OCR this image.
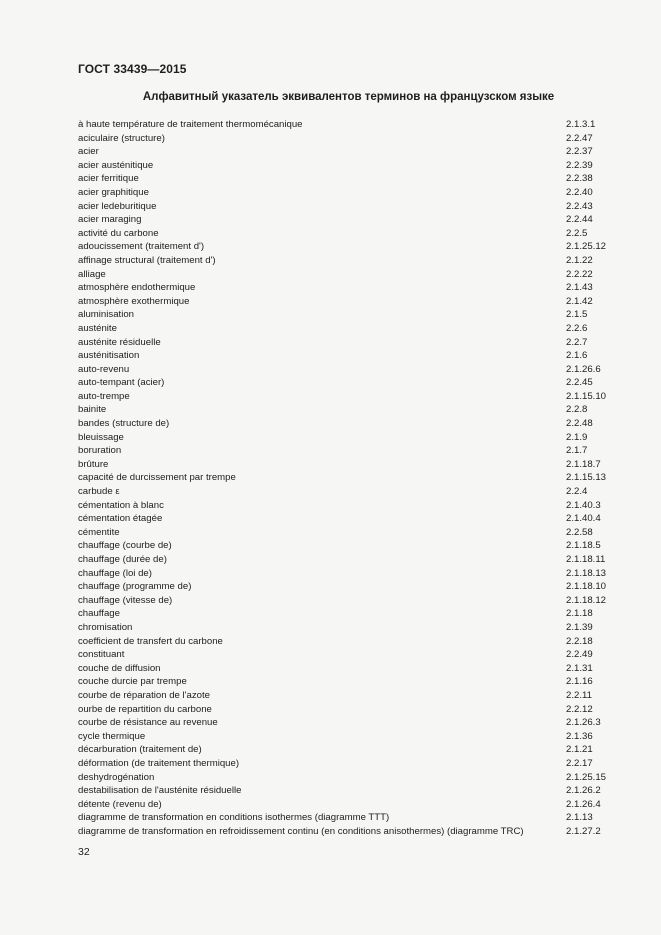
ГОСТ 33439—2015
Алфавитный указатель эквивалентов терминов на французском языке
à haute température de traitement thermomécanique	2.1.3.1
aciculaire (structure)	2.2.47
acier	2.2.37
acier austénitique	2.2.39
acier ferritique	2.2.38
acier graphitique	2.2.40
acier ledeburitique	2.2.43
acier maraging	2.2.44
activité du carbone	2.2.5
adoucissement (traitement d')	2.1.25.12
affinage structural (traitement d')	2.1.22
alliage	2.2.22
atmosphère endothermique	2.1.43
atmosphère exothermique	2.1.42
aluminisation	2.1.5
austénite	2.2.6
austénite résiduelle	2.2.7
austénitisation	2.1.6
auto-revenu	2.1.26.6
auto-tempant (acier)	2.2.45
auto-trempe	2.1.15.10
bainite	2.2.8
bandes (structure de)	2.2.48
bleuissage	2.1.9
boruration	2.1.7
brûture	2.1.18.7
capacité de durcissement par trempe	2.1.15.13
carbude ε	2.2.4
cémentation à blanc	2.1.40.3
cémentation étagée	2.1.40.4
cémentite	2.2.58
chauffage (courbe de)	2.1.18.5
chauffage (durée de)	2.1.18.11
chauffage (loi de)	2.1.18.13
chauffage (programme de)	2.1.18.10
chauffage (vitesse de)	2.1.18.12
chauffage	2.1.18
chromisation	2.1.39
coefficient de transfert du carbone	2.2.18
constituant	2.2.49
couche de diffusion	2.1.31
couche durcie par trempe	2.1.16
courbe de réparation de l'azote	2.2.11
ourbe de repartition du carbone	2.2.12
courbe de résistance au revenue	2.1.26.3
cycle thermique	2.1.36
décarburation (traitement de)	2.1.21
déformation (de traitement thermique)	2.2.17
deshydrogénation	2.1.25.15
destabilisation de l'austénite résiduelle	2.1.26.2
détente (revenu de)	2.1.26.4
diagramme de transformation en conditions isothermes (diagramme TTT)	2.1.13
diagramme de transformation en refroidissement continu (en conditions anisothermes) (diagramme TRC)	2.1.27.2
32
